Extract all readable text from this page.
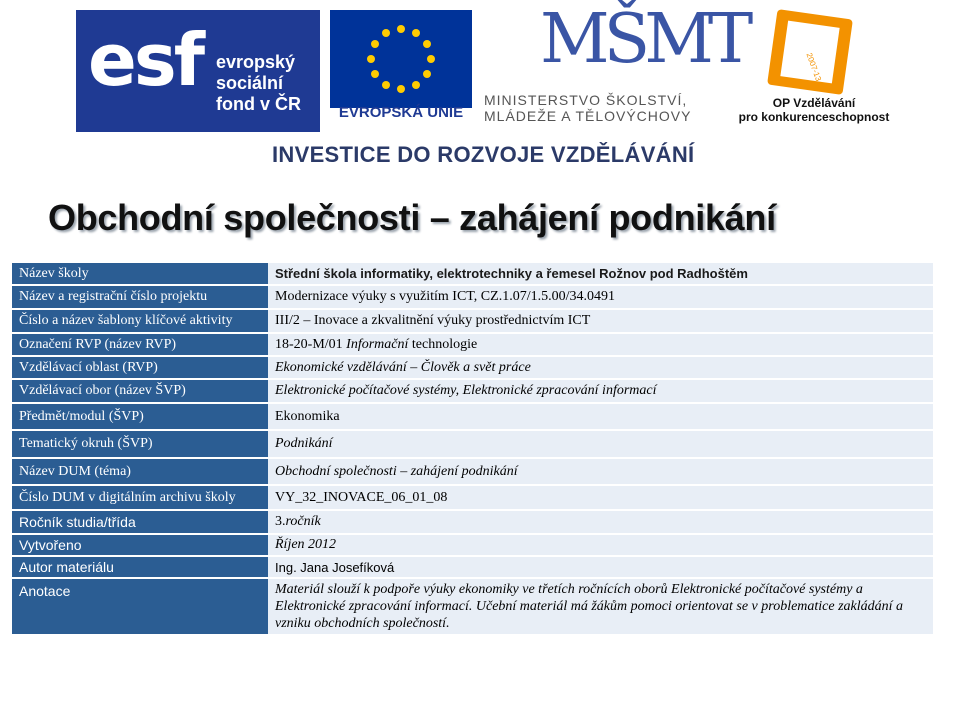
esf evropský
sociální
fond v ČR	EVROPSKÁ UNIE
MŠMT
MINISTERSTVO ŠKOLSTVÍ,
MLÁDEŽE A TĚLOVÝCHOVY
2007-13
OP Vzdělávání
pro konkurenceschopnost
INVESTICE DO ROZVOJE VZDĚLÁVÁNÍ
Obchodní společnosti – zahájení podnikání
Název školy	Střední škola informatiky, elektrotechniky a řemesel Rožnov pod Radhoštěm
Název a registrační číslo projektu	Modernizace výuky s využitím ICT, CZ.1.07/1.5.00/34.0491
Číslo a název šablony klíčové aktivity	III/2 – Inovace a zkvalitnění výuky prostřednictvím ICT
Označení RVP (název RVP)	18-20-M/01 Informační technologie
Vzdělávací oblast (RVP)	Ekonomické vzdělávání – Člověk a svět práce
Vzdělávací obor (název ŠVP)	Elektronické počítačové systémy, Elektronické zpracování informací
Předmět/modul (ŠVP)	Ekonomika
Tematický okruh (ŠVP)	Podnikání
Název DUM (téma)	Obchodní společnosti – zahájení podnikání
Číslo DUM v digitálním archivu školy	VY_32_INOVACE_06_01_08
Ročník studia/třída	3.ročník
Vytvořeno	Říjen 2012
Autor materiálu	Ing. Jana Josefíková
Anotace	Materiál slouží k podpoře výuky ekonomiky ve třetích ročnících oborů Elektronické počítačové systémy a Elektronické zpracování informací. Učební materiál má žákům pomoci orientovat se v problematice zakládání a vzniku obchodních společností.
